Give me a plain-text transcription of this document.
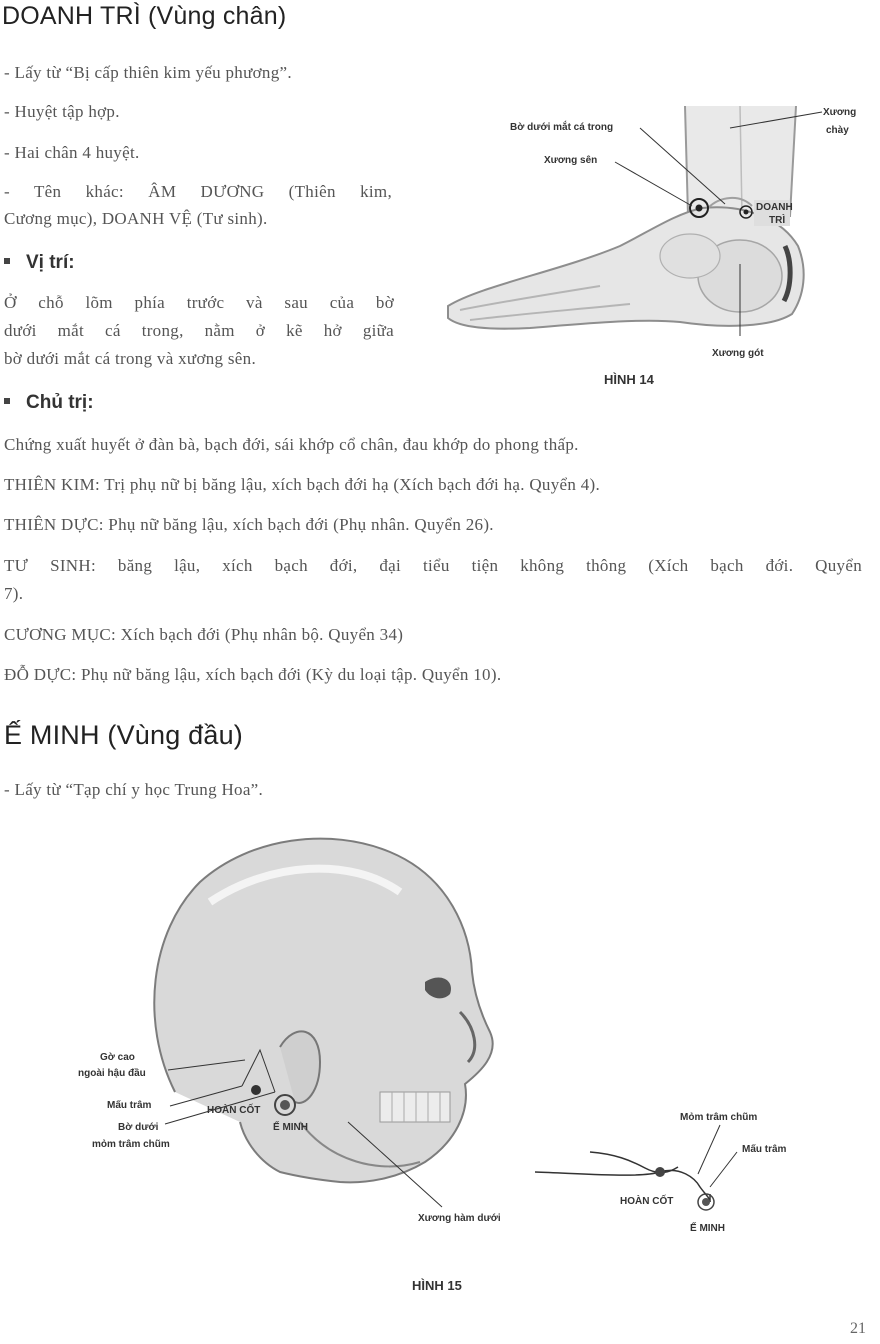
DOANH TRÌ (Vùng chân)
- Lấy từ “Bị cấp thiên kim yếu phương”.
- Huyệt tập hợp.
- Hai chân 4 huyệt.
- Tên khác: ÂM DƯƠNG (Thiên kim,
Cương mục), DOANH VỆ (Tư sinh).
Vị trí:
Ở chỗ lõm phía trước và sau của bờ
dưới mắt cá trong, nằm ở kẽ hở giữa
bờ dưới mắt cá trong và xương sên.
Chủ trị:
Chứng xuất huyết ở đàn bà, bạch đới, sái khớp cổ chân, đau khớp do phong thấp.
THIÊN KIM: Trị phụ nữ bị băng lậu, xích bạch đới hạ (Xích bạch đới hạ. Quyển 4).
THIÊN DỰC: Phụ nữ băng lậu, xích bạch đới (Phụ nhân. Quyển 26).
TƯ SINH: băng lậu, xích bạch đới, đại tiểu tiện không thông (Xích bạch đới. Quyển
7).
CƯƠNG MỤC: Xích bạch đới (Phụ nhân bộ. Quyển 34)
ĐỖ DỰC: Phụ nữ băng lậu, xích bạch đới (Kỳ du loại tập. Quyển 10).
Bờ dưới mắt cá trong
Xương sên
Xương
chày
DOANH
TRÌ
Xương gót
HÌNH 14
Ế MINH (Vùng đầu)
- Lấy từ “Tạp chí y học Trung Hoa”.
Gờ cao
ngoài hậu đầu
Mấu trâm
Bờ dưới
mỏm trâm chũm
HOÀN CỐT
Ế MINH
Xương hàm dưới
Mỏm trâm chũm
Mấu trâm
HOÀN CỐT
Ế MINH
HÌNH 15
21
